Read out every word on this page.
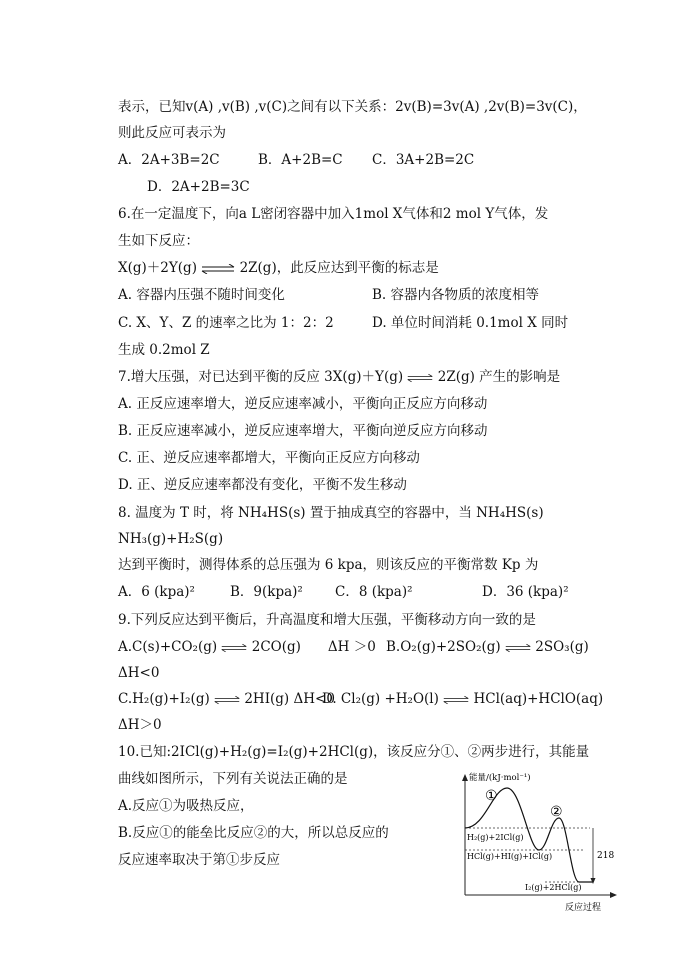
表示，已知v(A) ,v(B) ,v(C)之间有以下关系：2v(B)=3v(A) ,2v(B)=3v(C)，
则此反应可表示为
A．2A+3B=2C	B．A+2B=C C．3A+2B=2C
D．2A+2B=3C
6.在一定温度下，向a L密闭容器中加入1mol X气体和2 mol Y气体，发
生如下反应：
X(g)＋2Y(g) ⇌ 2Z(g)，此反应达到平衡的标志是
A. 容器内压强不随时间变化	B. 容器内各物质的浓度相等
C. X、Y、Z 的速率之比为 1：2：2	D. 单位时间消耗 0.1mol X 同时
生成 0.2mol Z
7.增大压强，对已达到平衡的反应 3X(g)＋Y(g) ⇌ 2Z(g) 产生的影响是
A. 正反应速率增大，逆反应速率减小，平衡向正反应方向移动
B. 正反应速率减小，逆反应速率增大，平衡向逆反应方向移动
C. 正、逆反应速率都增大，平衡向正反应方向移动
D. 正、逆反应速率都没有变化，平衡不发生移动
8. 温度为 T 时，将 NH₄HS(s) 置于抽成真空的容器中，当 NH₄HS(s)
NH₃(g)+H₂S(g)
达到平衡时，测得体系的总压强为 6 kpa，则该反应的平衡常数 Kp 为
A．6 (kpa)²	B．9(kpa)² C．8 (kpa)²	D．36 (kpa)²
9.下列反应达到平衡后，升高温度和增大压强，平衡移动方向一致的是
A.C(s)+CO₂(g) ⇌ 2CO(g)　　ΔH ＞0 B.O₂(g)+2SO₂(g) ⇌ 2SO₃(g)
ΔH<0
C.H₂(g)+I₂(g) ⇌ 2HI(g) ΔH<0
D. Cl₂(g) +H₂O(l) ⇌ HCl(aq)+HClO(aq)
ΔH＞0
10.已知:2ICl(g)+H₂(g)=I₂(g)+2HCl(g)，该反应分①、②两步进行，其能量
曲线如图所示，下列有关说法正确的是
A.反应①为吸热反应，
B.反应①的能垒比反应②的大，所以总反应的
反应速率取决于第①步反应
能量/(kJ·mol⁻¹)
反应过程
①
②
H₂(g)+2ICl(g)
HCl(g)+HI(g)+ICl(g)
I₂(g)+2HCl(g)
218
